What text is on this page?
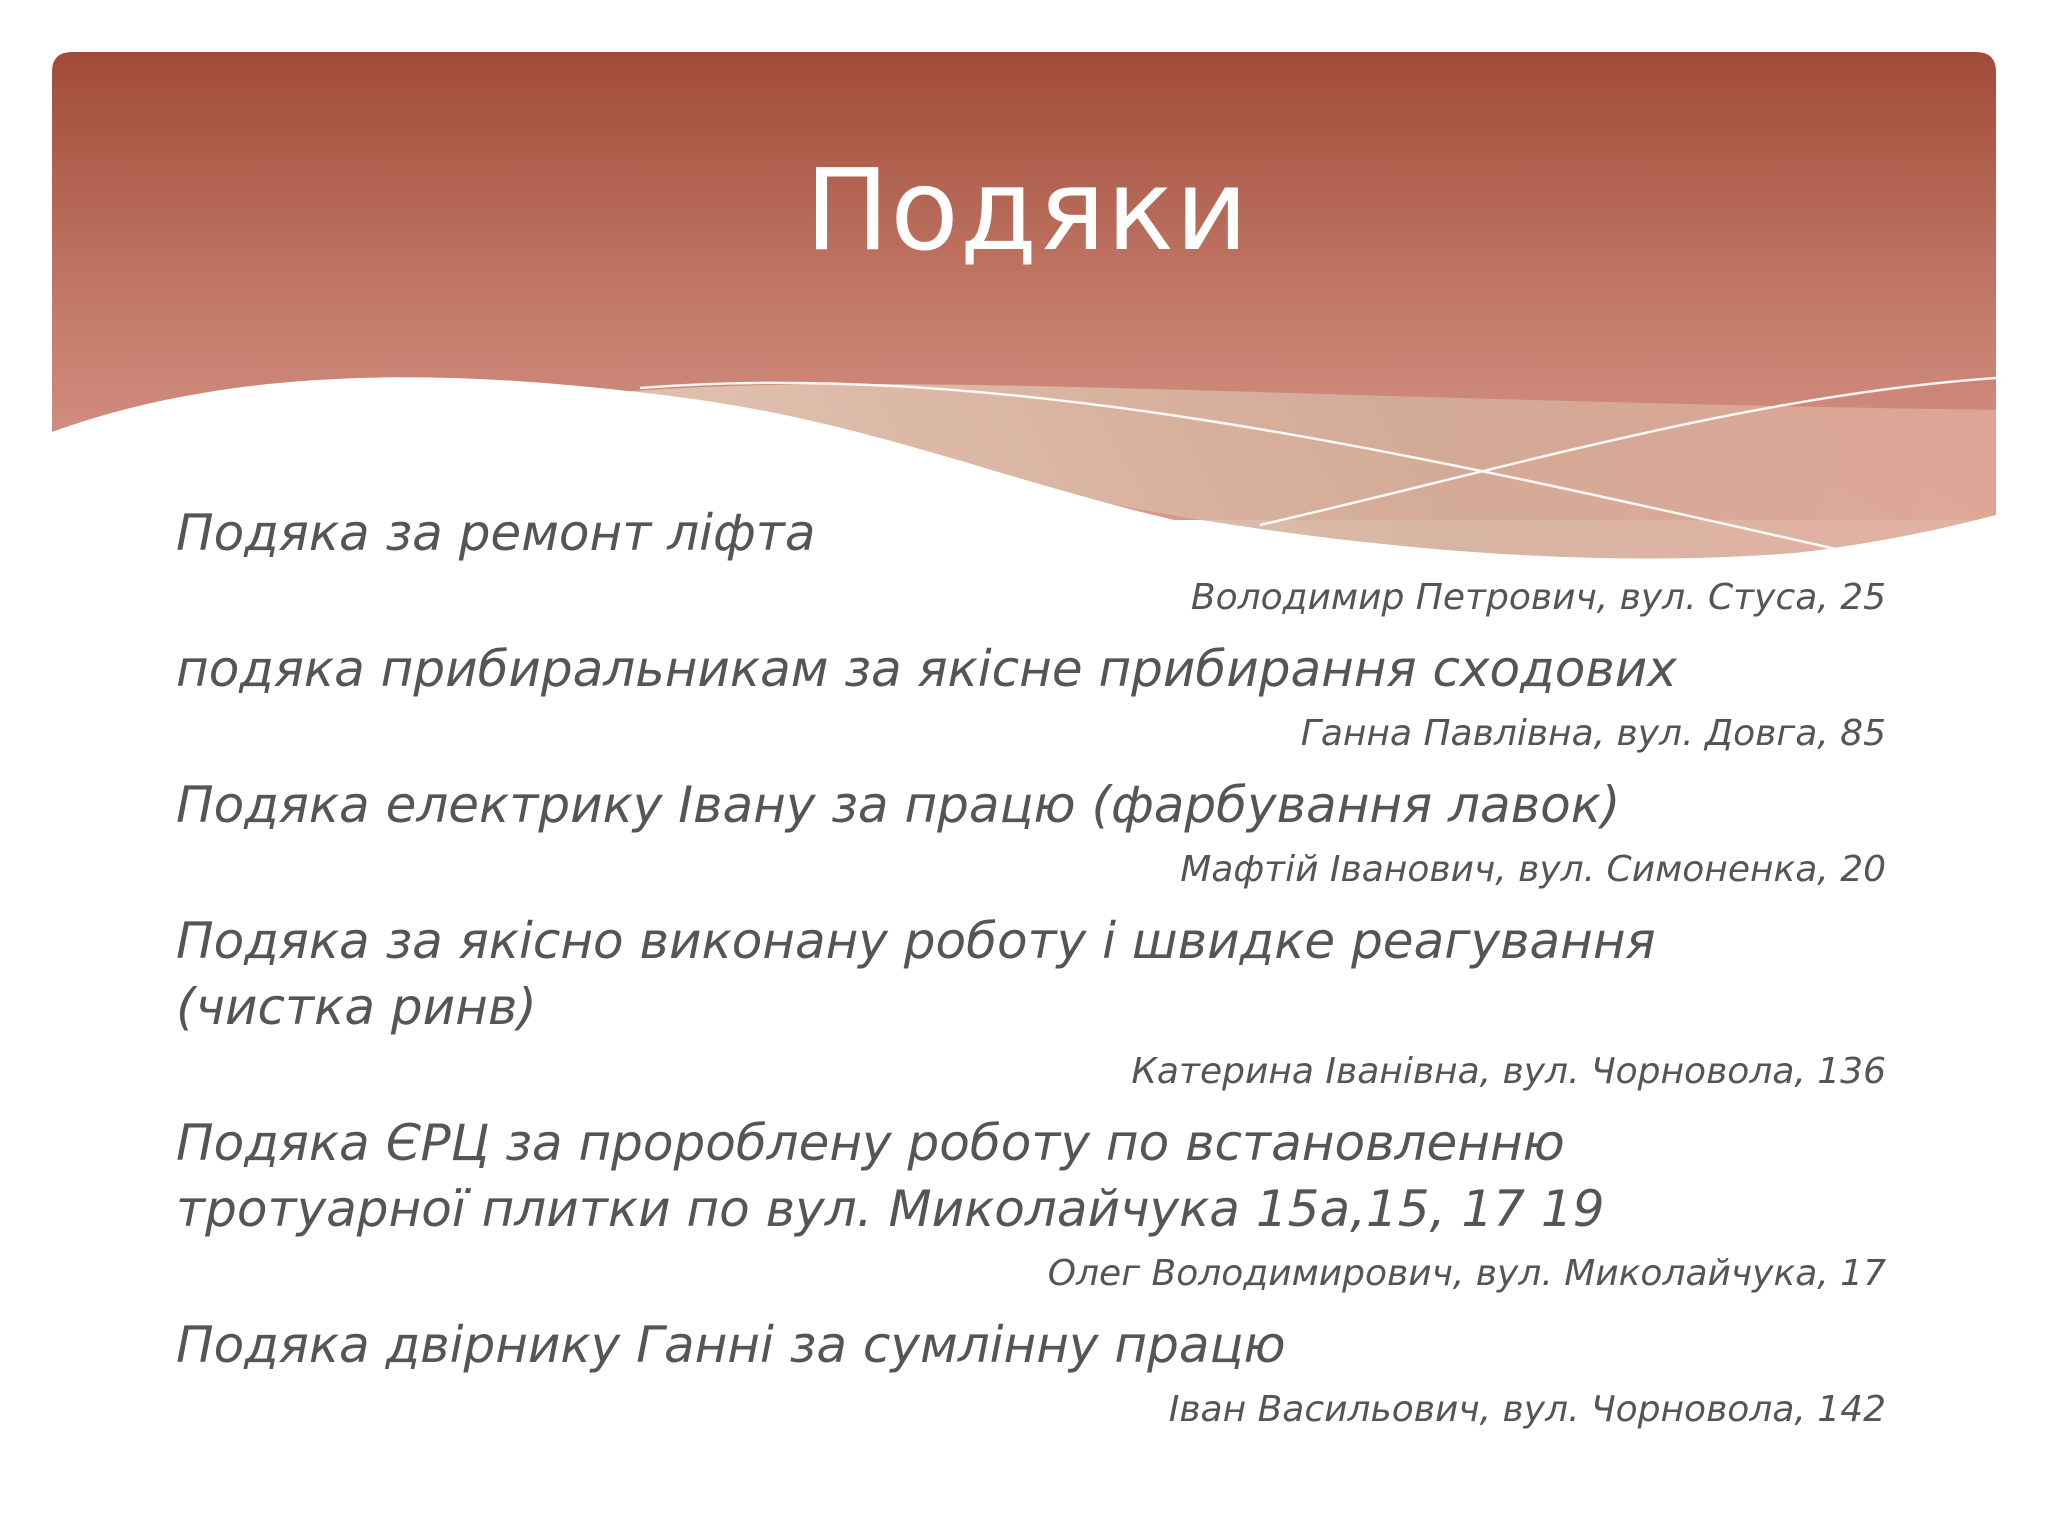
Подяки
Подяка за ремонт ліфта
Володимир Петрович, вул. Стуса, 25
подяка прибиральникам за якісне прибирання сходових
Ганна Павлівна, вул. Довга, 85
Подяка електрику Івану за працю (фарбування лавок)
Мафтій Іванович, вул. Симоненка, 20
Подяка за якісно виконану роботу і швидке реагування (чистка ринв)
Катерина Іванівна, вул. Чорновола, 136
Подяка ЄРЦ за пророблену роботу по встановленню тротуарної плитки по вул. Миколайчука 15а,15, 17 19
Олег Володимирович, вул. Миколайчука, 17
Подяка двірнику Ганні за сумлінну працю
Іван Васильович, вул. Чорновола, 142
